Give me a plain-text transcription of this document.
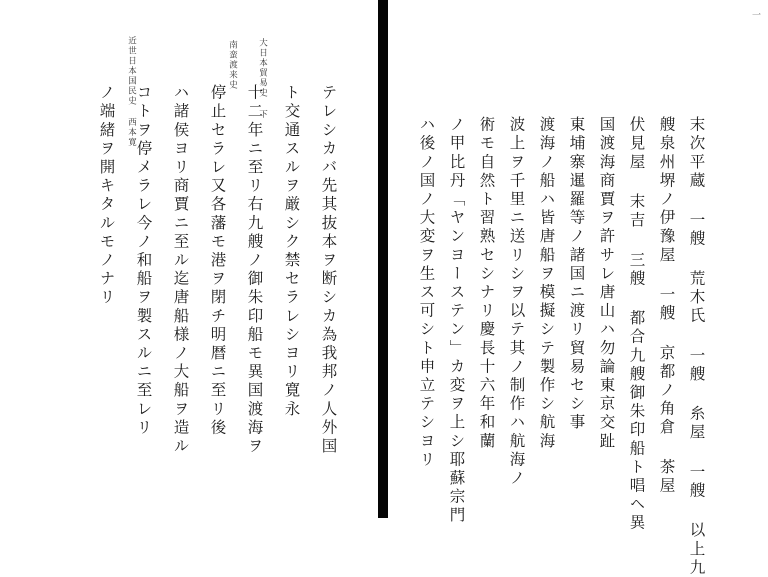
近世日本国民史 西本寛	南蛮渡来史 大日本貿易史 下
テレシカバ先其抜本ヲ断シカ為我邦ノ人外国
ト交通スルヲ厳シク禁セラレシヨリ寛永
十二年ニ至リ右九艘ノ御朱印船モ異国渡海ヲ
停止セラレ又各藩モ港ヲ閉チ明暦ニ至リ後
ハ諸侯ヨリ商賈ニ至ル迄唐船様ノ大船ヲ造ル
コトヲ停メラレ今ノ和船ヲ製スルニ至レリ
ノ端緒ヲ開キタルモノナリ
一
末次平蔵 一艘 荒木氏 一艘 糸屋 一艘 以上九
艘泉州堺ノ伊豫屋 一艘 京都ノ角倉 茶屋
伏見屋 末吉 三艘 都合九艘御朱印船ト唱ヘ異
国渡海商賈ヲ許サレ唐山ハ勿論東京交趾
東埔寨暹羅等ノ諸国ニ渡リ貿易セシ事
渡海ノ船ハ皆唐船ヲ模擬シテ製作シ航海
波上ヲ千里ニ送リシヲ以テ其ノ制作ハ航海ノ
術モ自然ト習熟セシナリ慶長十六年和蘭
ノ甲比丹「ヤンヨーステン」カ変ヲ上シ耶蘇宗門
ハ後ノ国ノ大変ヲ生ス可シト申立テシヨリ
